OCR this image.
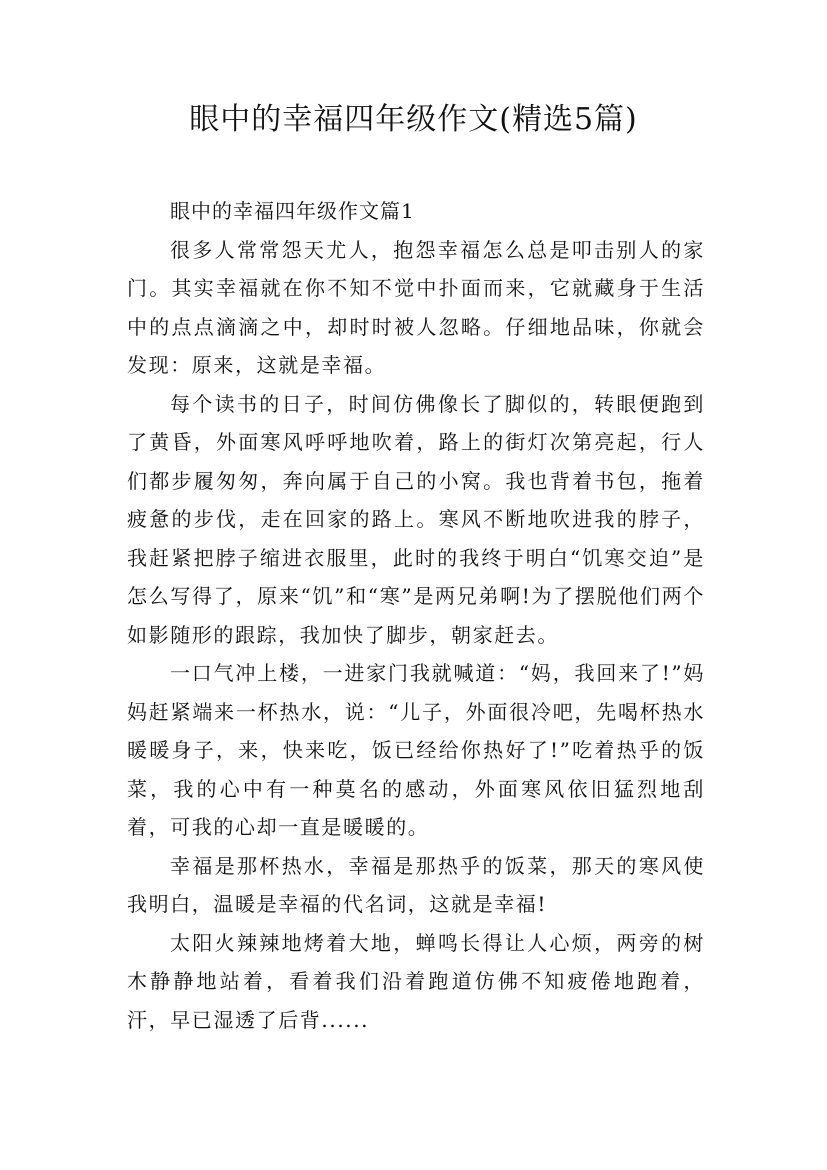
眼中的幸福四年级作文(精选5篇)

眼中的幸福四年级作文篇1

很多人常常怨天尤人，抱怨幸福怎么总是叩击别人的家门。其实幸福就在你不知不觉中扑面而来，它就藏身于生活中的点点滴滴之中，却时时被人忽略。仔细地品味，你就会发现：原来，这就是幸福。

每个读书的日子，时间仿佛像长了脚似的，转眼便跑到了黄昏，外面寒风呼呼地吹着，路上的街灯次第亮起，行人们都步履匆匆，奔向属于自己的小窝。我也背着书包，拖着疲惫的步伐，走在回家的路上。寒风不断地吹进我的脖子，我赶紧把脖子缩进衣服里，此时的我终于明白“饥寒交迫”是怎么写得了，原来“饥”和“寒”是两兄弟啊!为了摆脱他们两个如影随形的跟踪，我加快了脚步，朝家赶去。

一口气冲上楼，一进家门我就喊道：“妈，我回来了!”妈妈赶紧端来一杯热水，说：“儿子，外面很冷吧，先喝杯热水暖暖身子，来，快来吃，饭已经给你热好了!”吃着热乎的饭菜，我的心中有一种莫名的感动，外面寒风依旧猛烈地刮着，可我的心却一直是暖暖的。

幸福是那杯热水，幸福是那热乎的饭菜，那天的寒风使我明白，温暖是幸福的代名词，这就是幸福!

太阳火辣辣地烤着大地，蝉鸣长得让人心烦，两旁的树木静静地站着，看着我们沿着跑道仿佛不知疲倦地跑着，汗，早已湿透了后背......
